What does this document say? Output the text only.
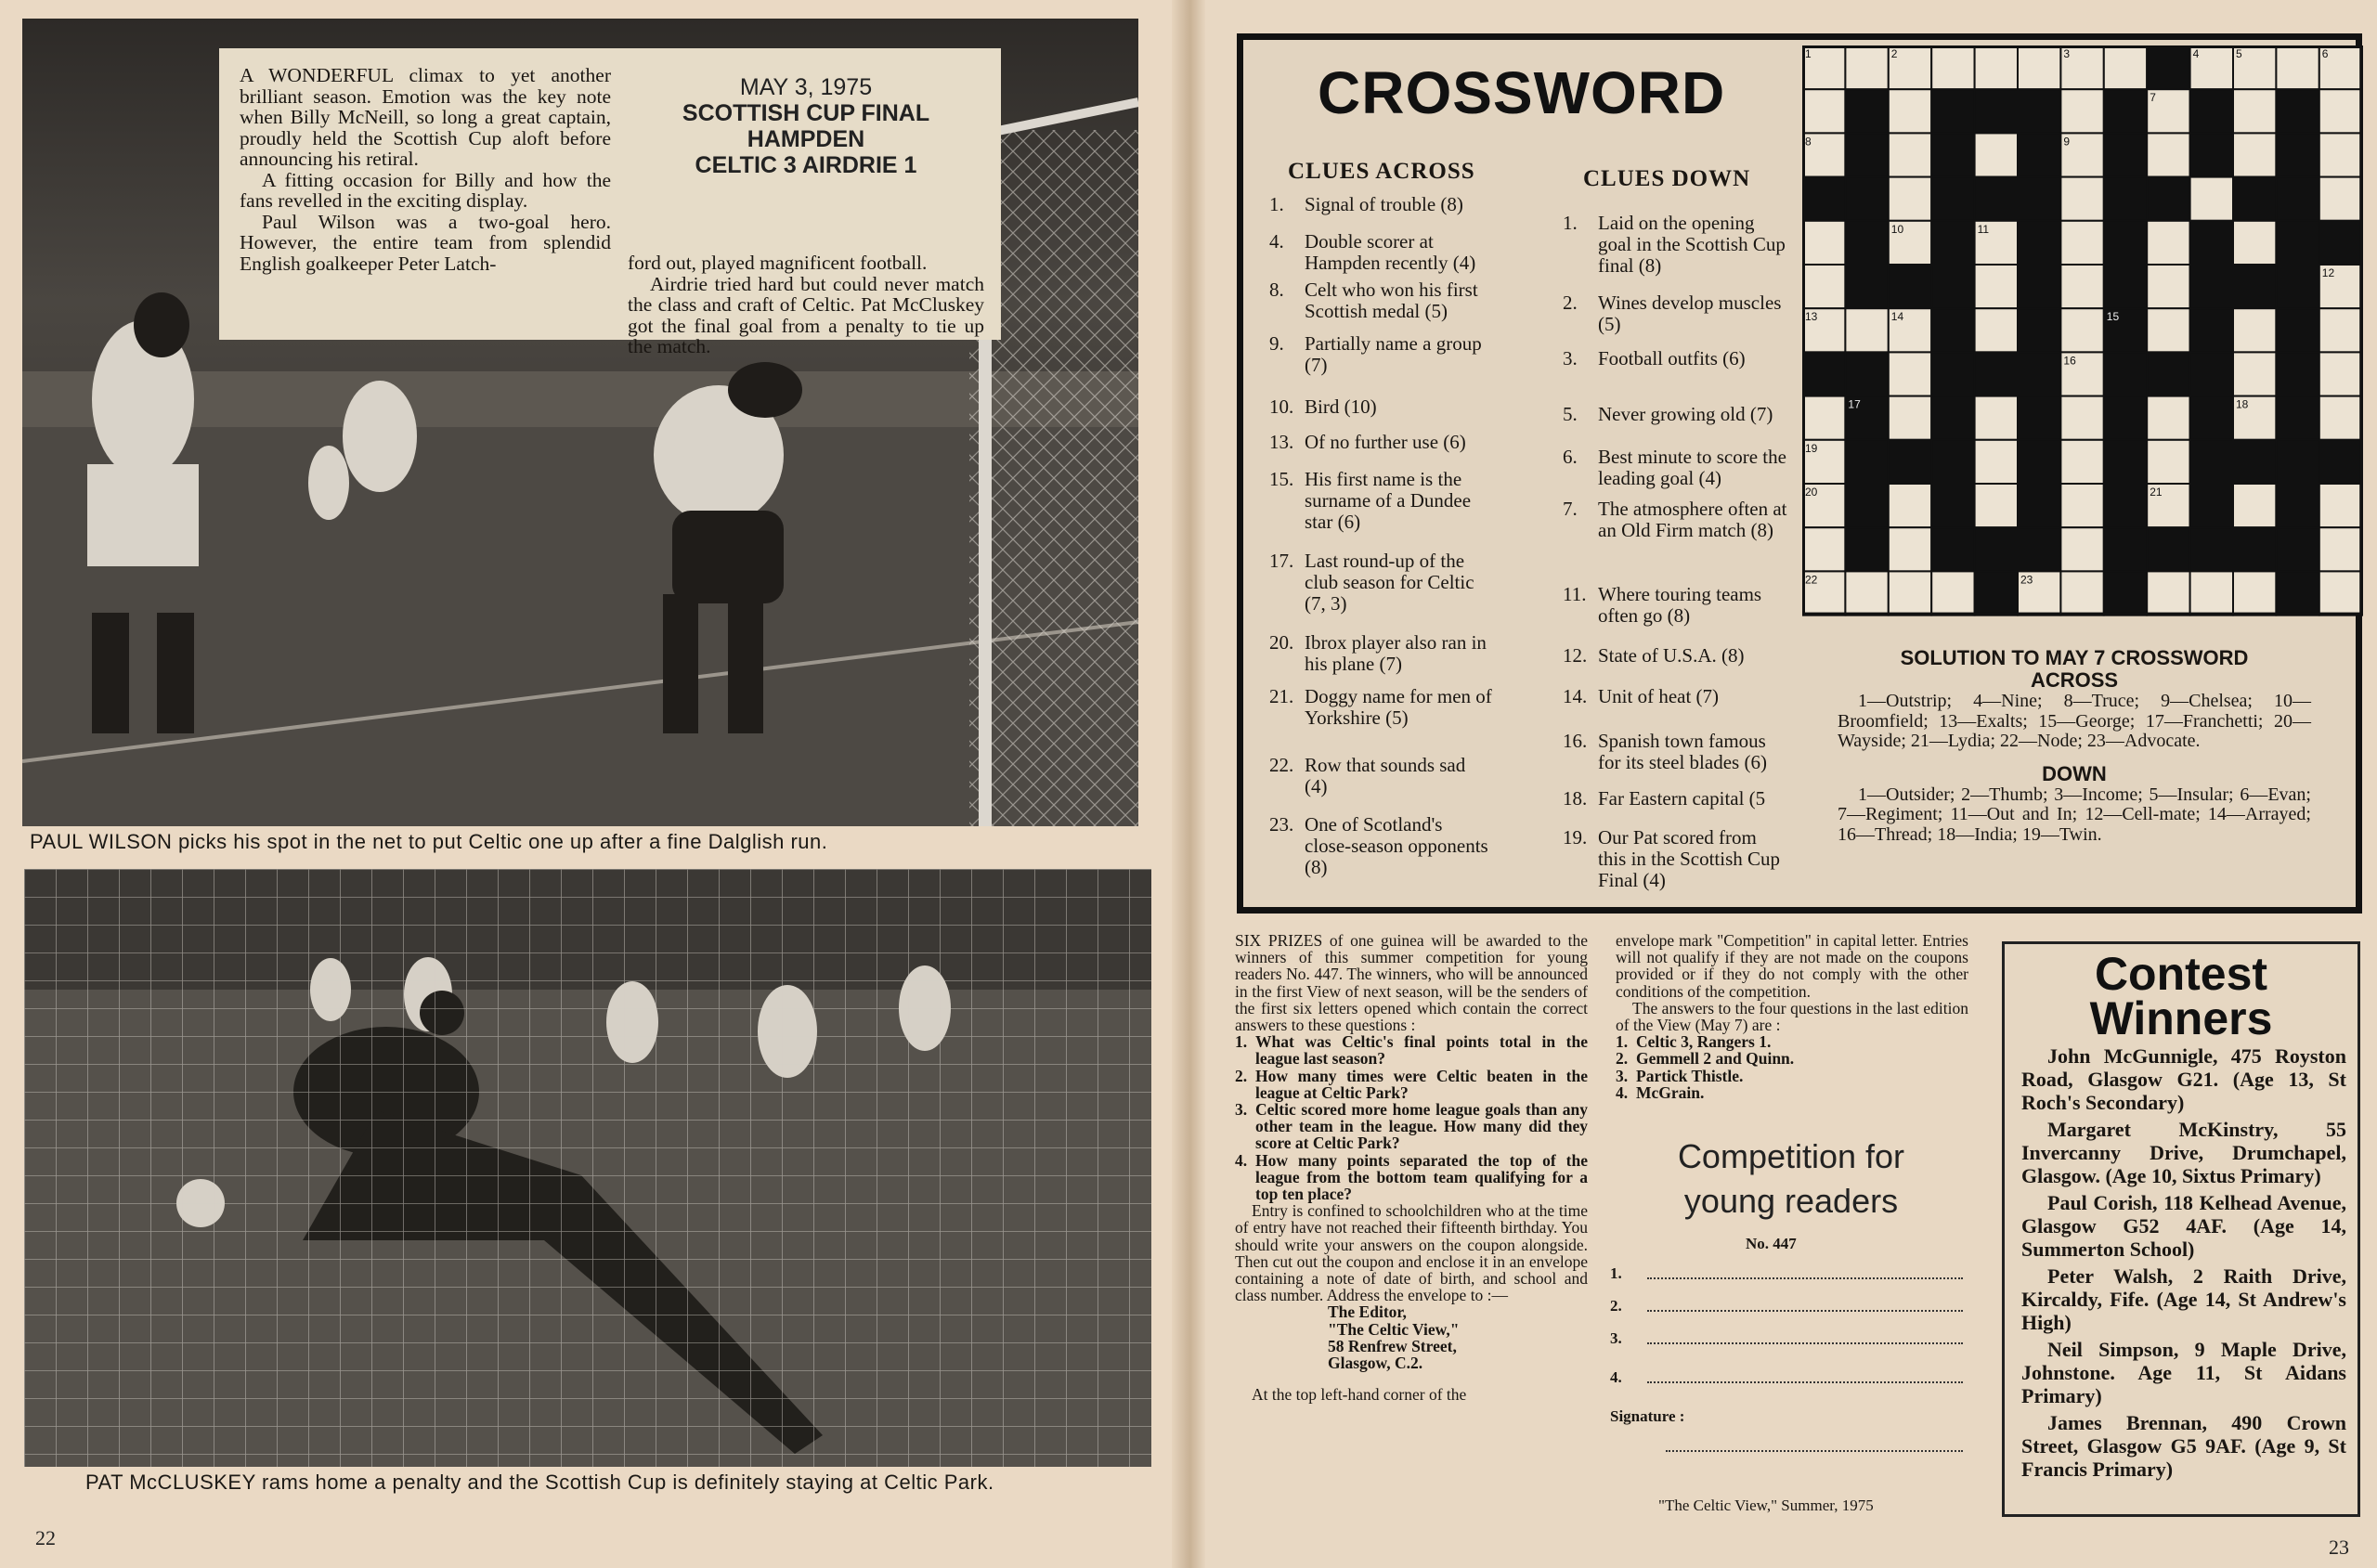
PAUL WILSON picks his spot in the net to put Celtic one up after a fine Dalglish run.

A WONDERFUL climax to yet another brilliant season. Emotion was the key note when Billy McNeill, so long a great captain, proudly held the Scottish Cup aloft before announcing his retiral.

A fitting occasion for Billy and how the fans revelled in the exciting display.

Paul Wilson was a two-goal hero. However, the entire team from splendid English goalkeeper Peter Latch-

MAY 3, 1975
SCOTTISH CUP FINAL
HAMPDEN
CELTIC 3 AIRDRIE 1

ford out, played magnificent football.

Airdrie tried hard but could never match the class and craft of Celtic. Pat McCluskey got the final goal from a penalty to tie up the match.

PAT McCLUSKEY rams home a penalty and the Scottish Cup is definitely staying at Celtic Park.
22
CROSSWORD
CLUES ACROSS	CLUES DOWN
1. Signal of trouble (8)
4. Double scorer at Hampden recently (4)
8. Celt who won his first Scottish medal (5)
9. Partially name a group (7)
10. Bird (10)
13. Of no further use (6)
15. His first name is the surname of a Dundee star (6)
17. Last round-up of the club season for Celtic (7, 3)
20. Ibrox player also ran in his plane (7)
21. Doggy name for men of Yorkshire (5)
22. Row that sounds sad (4)
23. One of Scotland's close-season opponents (8)
1. Laid on the opening goal in the Scottish Cup final (8)
2. Wines develop muscles (5)
3. Football outfits (6)
5. Never growing old (7)
6. Best minute to score the leading goal (4)
7. The atmosphere often at an Old Firm match (8)
11. Where touring teams often go (8)
12. State of U.S.A. (8)
14. Unit of heat (7)
16. Spanish town famous for its steel blades (6)
18. Far Eastern capital (5
19. Our Pat scored from this in the Scottish Cup Final (4)
1	2	3	4	5	6
7
8	9
10	11
12
13	14	15
16
17	18
19
20	21
22	23
SOLUTION TO MAY 7 CROSSWORD
ACROSS

1—Outstrip; 4—Nine; 8—Truce; 9—Chelsea; 10—Broomfield; 13—Exalts; 15—George; 17—Franchetti; 20—Wayside; 21—Lydia; 22—Node; 23—Advocate.

DOWN

1—Outsider; 2—Thumb; 3—Income; 5—Insular; 6—Evan; 7—Regiment; 11—Out and In; 12—Cell-mate; 14—Arrayed; 16—Thread; 18—India; 19—Twin.

SIX PRIZES of one guinea will be awarded to the winners of this summer competition for young readers No. 447. The winners, who will be announced in the first View of next season, will be the senders of the first six letters opened which contain the correct answers to these questions :

1. What was Celtic's final points total in the league last season?
2. How many times were Celtic beaten in the league at Celtic Park?
3. Celtic scored more home league goals than any other team in the league. How many did they score at Celtic Park?
4. How many points separated the top of the league from the bottom team qualifying for a top ten place?

Entry is confined to schoolchildren who at the time of entry have not reached their fifteenth birthday. You should write your answers on the coupon alongside. Then cut out the coupon and enclose it in an envelope containing a note of date of birth, and school and class number. Address the envelope to :—

The Editor,
"The Celtic View,"
58 Renfrew Street,
Glasgow, C.2.

At the top left-hand corner of the

envelope mark "Competition" in capital letter. Entries will not qualify if they are not made on the coupons provided or if they do not comply with the other conditions of the competition.

The answers to the four questions in the last edition of the View (May 7) are :

1. Celtic 3, Rangers 1.
2. Gemmell 2 and Quinn.
3. Partick Thistle.
4. McGrain.
Competition for young readers
No. 447
1.
2.
3.
4.
Signature :
"The Celtic View," Summer, 1975
Contest Winners
John McGunnigle, 475 Royston Road, Glasgow G21. (Age 13, St Roch's Secondary)
Margaret McKinstry, 55 Invercanny Drive, Drumchapel, Glasgow. (Age 10, Sixtus Primary)
Paul Corish, 118 Kelhead Avenue, Glasgow G52 4AF. (Age 14, Summerton School)
Peter Walsh, 2 Raith Drive, Kircaldy, Fife. (Age 14, St Andrew's High)
Neil Simpson, 9 Maple Drive, Johnstone. Age 11, St Aidans Primary)
James Brennan, 490 Crown Street, Glasgow G5 9AF. (Age 9, St Francis Primary)
23
